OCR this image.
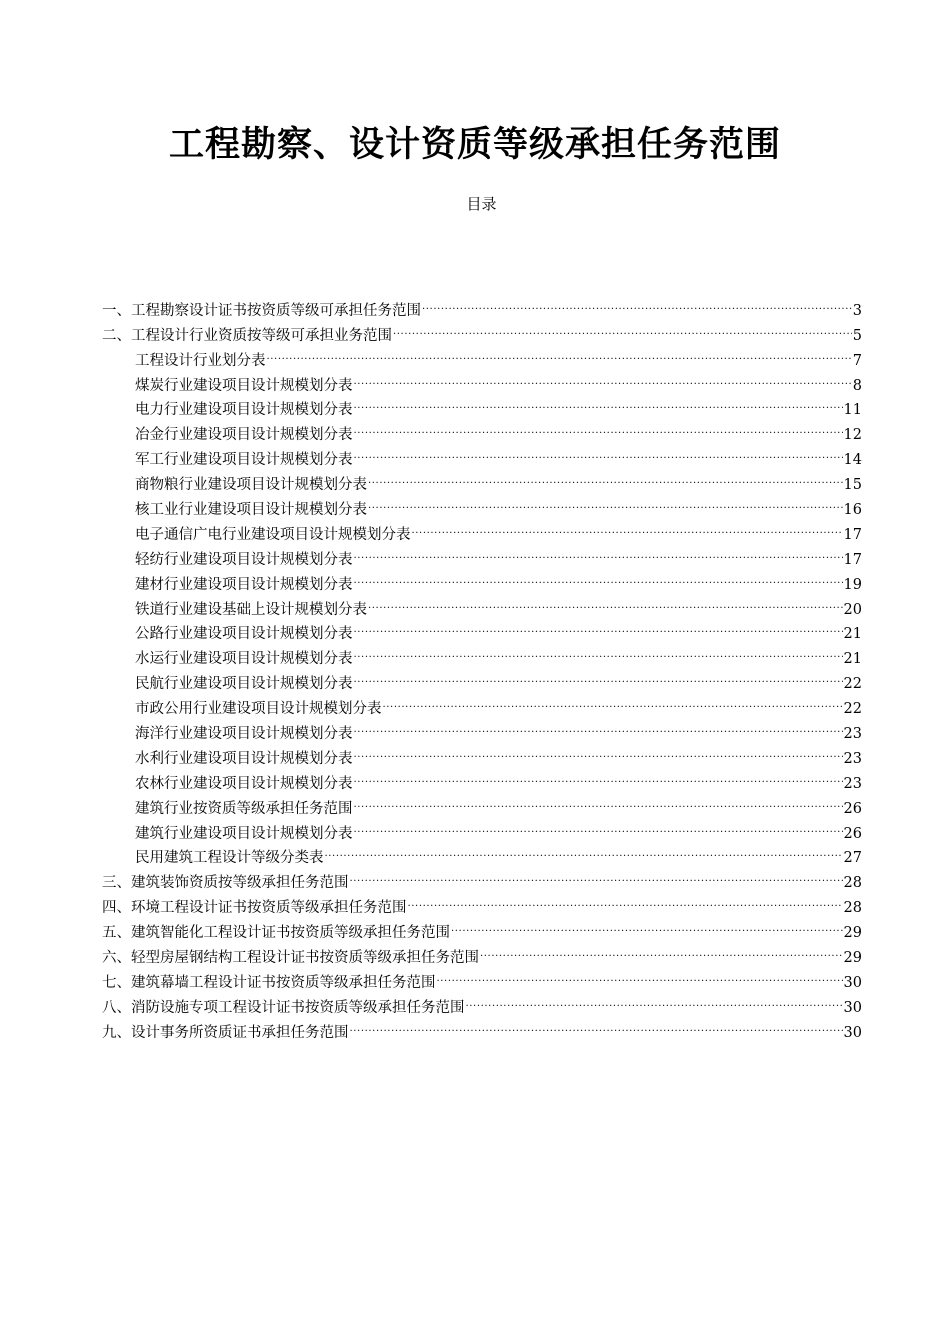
工程勘察、设计资质等级承担任务范围
目录
一、工程勘察设计证书按资质等级可承担任务范围 .....	3
二、工程设计行业资质按等级可承担业务范围 .....	5
工程设计行业划分表 .....	7
煤炭行业建设项目设计规模划分表 .....	8
电力行业建设项目设计规模划分表 .....	11
冶金行业建设项目设计规模划分表 .....	12
军工行业建设项目设计规模划分表 .....	14
商物粮行业建设项目设计规模划分表 .....	15
核工业行业建设项目设计规模划分表 .....	16
电子通信广电行业建设项目设计规模划分表 .....	17
轻纺行业建设项目设计规模划分表 .....	17
建材行业建设项目设计规模划分表 .....	19
铁道行业建设基础上设计规模划分表 .....	20
公路行业建设项目设计规模划分表 .....	21
水运行业建设项目设计规模划分表 .....	21
民航行业建设项目设计规模划分表 .....	22
市政公用行业建设项目设计规模划分表 .....	22
海洋行业建设项目设计规模划分表 .....	23
水利行业建设项目设计规模划分表 .....	23
农林行业建设项目设计规模划分表 .....	23
建筑行业按资质等级承担任务范围 .....	26
建筑行业建设项目设计规模划分表 .....	26
民用建筑工程设计等级分类表 .....	27
三、建筑装饰资质按等级承担任务范围 .....	28
四、环境工程设计证书按资质等级承担任务范围 .....	28
五、建筑智能化工程设计证书按资质等级承担任务范围 .....	29
六、轻型房屋钢结构工程设计证书按资质等级承担任务范围 .....	29
七、建筑幕墙工程设计证书按资质等级承担任务范围 .....	30
八、消防设施专项工程设计证书按资质等级承担任务范围 .....	30
九、设计事务所资质证书承担任务范围 .....	30
